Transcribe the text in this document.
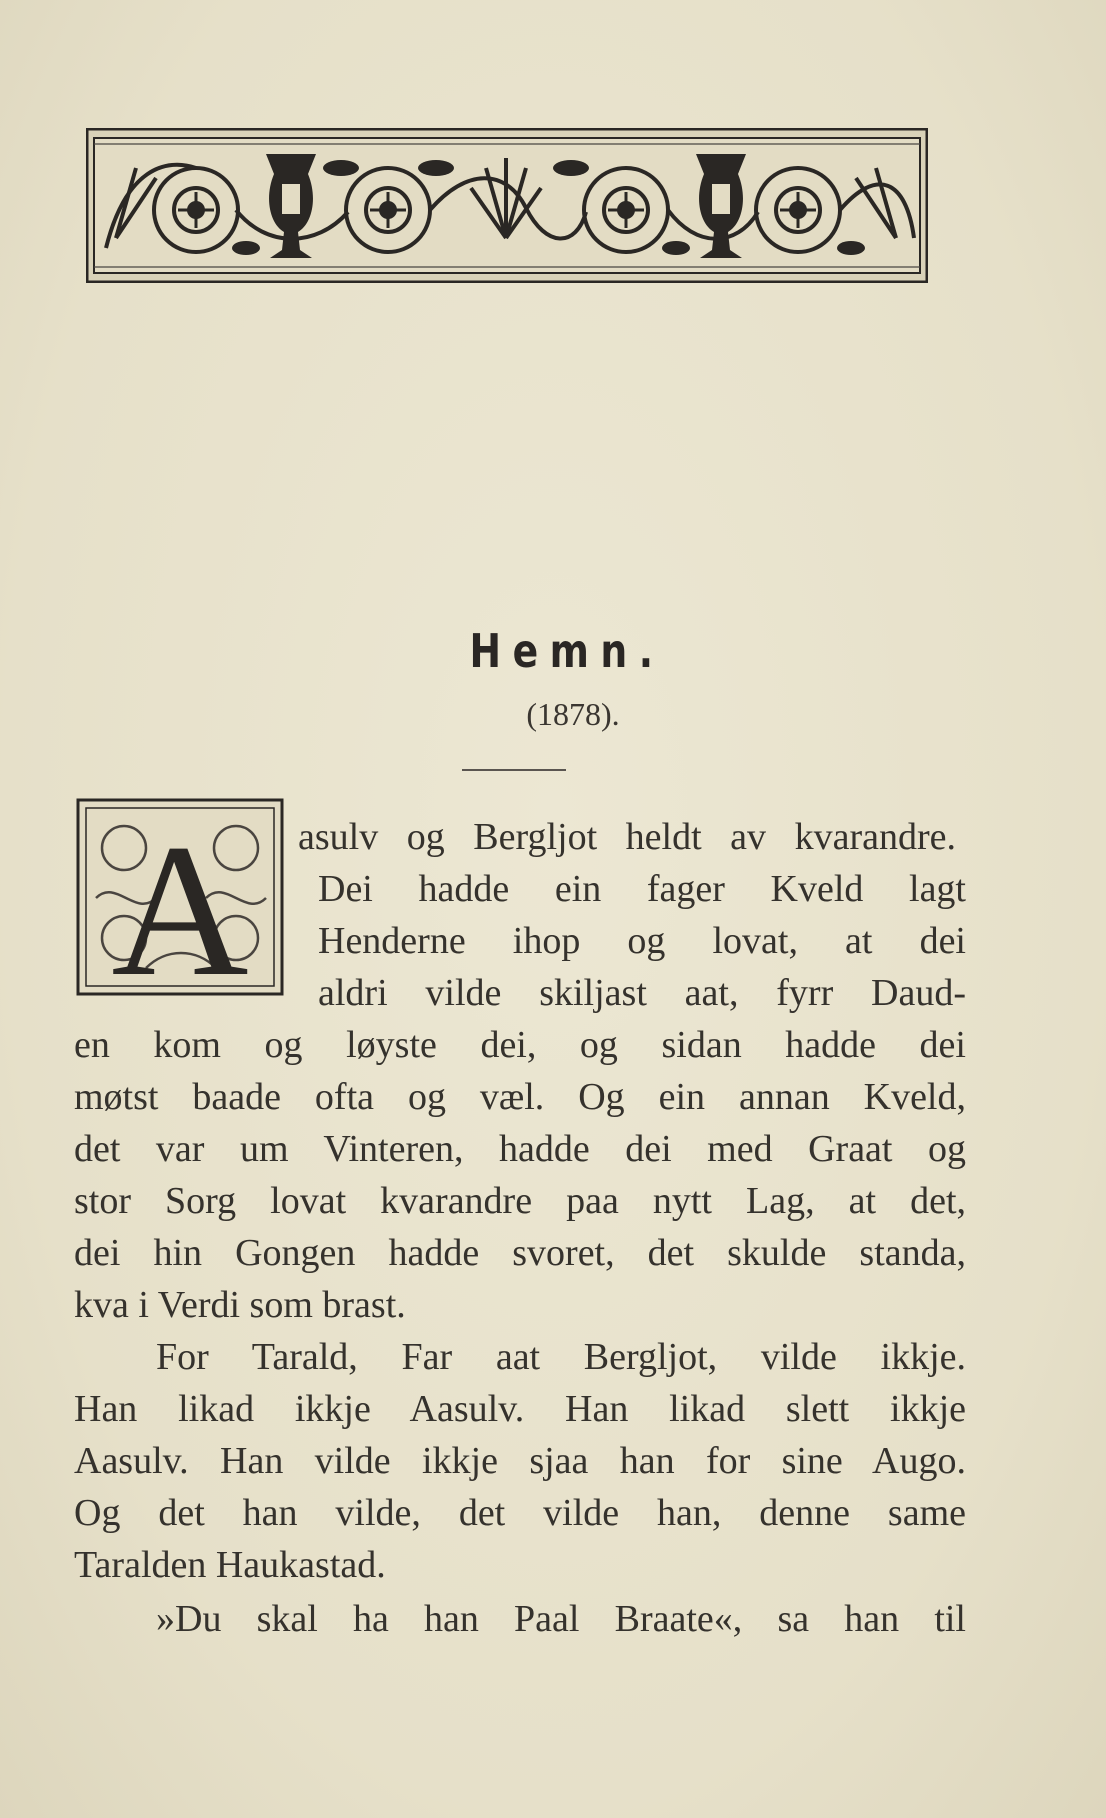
Hemn.
(1878).
A asulv og Bergljot heldt av kvarandre.
Dei hadde ein fager Kveld lagt
Henderne ihop og lovat, at dei
aldri vilde skiljast aat, fyrr Daud-
en kom og løyste dei, og sidan hadde dei
møtst baade ofta og væl. Og ein annan Kveld,
det var um Vinteren, hadde dei med Graat og
stor Sorg lovat kvarandre paa nytt Lag, at det,
dei hin Gongen hadde svoret, det skulde standa,
kva i Verdi som brast.
For Tarald, Far aat Bergljot, vilde ikkje.
Han likad ikkje Aasulv. Han likad slett ikkje
Aasulv. Han vilde ikkje sjaa han for sine Augo.
Og det han vilde, det vilde han, denne same
Taralden Haukastad.
»Du skal ha han Paal Braate«, sa han til
